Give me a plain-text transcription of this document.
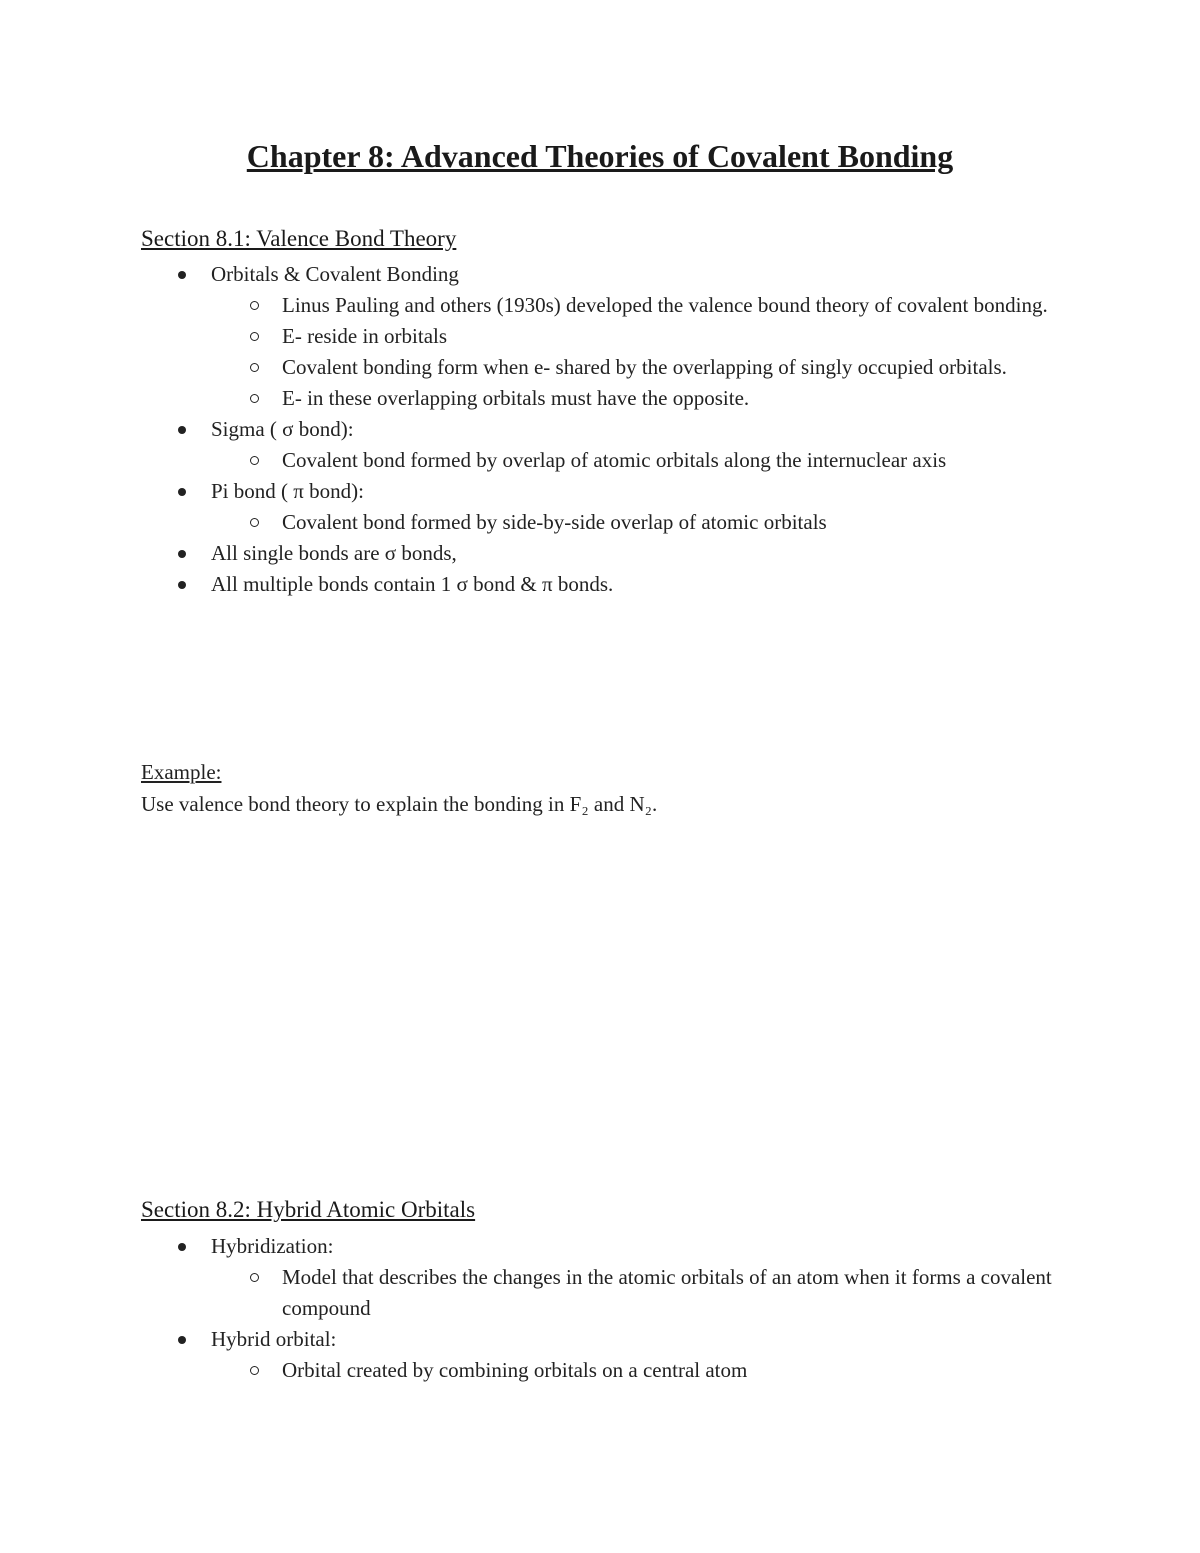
Chapter 8: Advanced Theories of Covalent Bonding
Section 8.1: Valence Bond Theory
Orbitals & Covalent Bonding
Linus Pauling and others (1930s) developed the valence bound theory of covalent bonding.
E- reside in orbitals
Covalent bonding form when e- shared by the overlapping of singly occupied orbitals.
E- in these overlapping orbitals must have the opposite.
Sigma ( σ bond):
Covalent bond formed by overlap of atomic orbitals along the internuclear axis
Pi bond ( π bond):
Covalent bond formed by side-by-side overlap of atomic orbitals
All single bonds are σ bonds,
All multiple bonds contain 1 σ bond & π bonds.

Example:

Use valence bond theory to explain the bonding in F₂ and N₂.

Section 8.2: Hybrid Atomic Orbitals
Hybridization:
Model that describes the changes in the atomic orbitals of an atom when it forms a covalent compound
Hybrid orbital:
Orbital created by combining orbitals on a central atom
